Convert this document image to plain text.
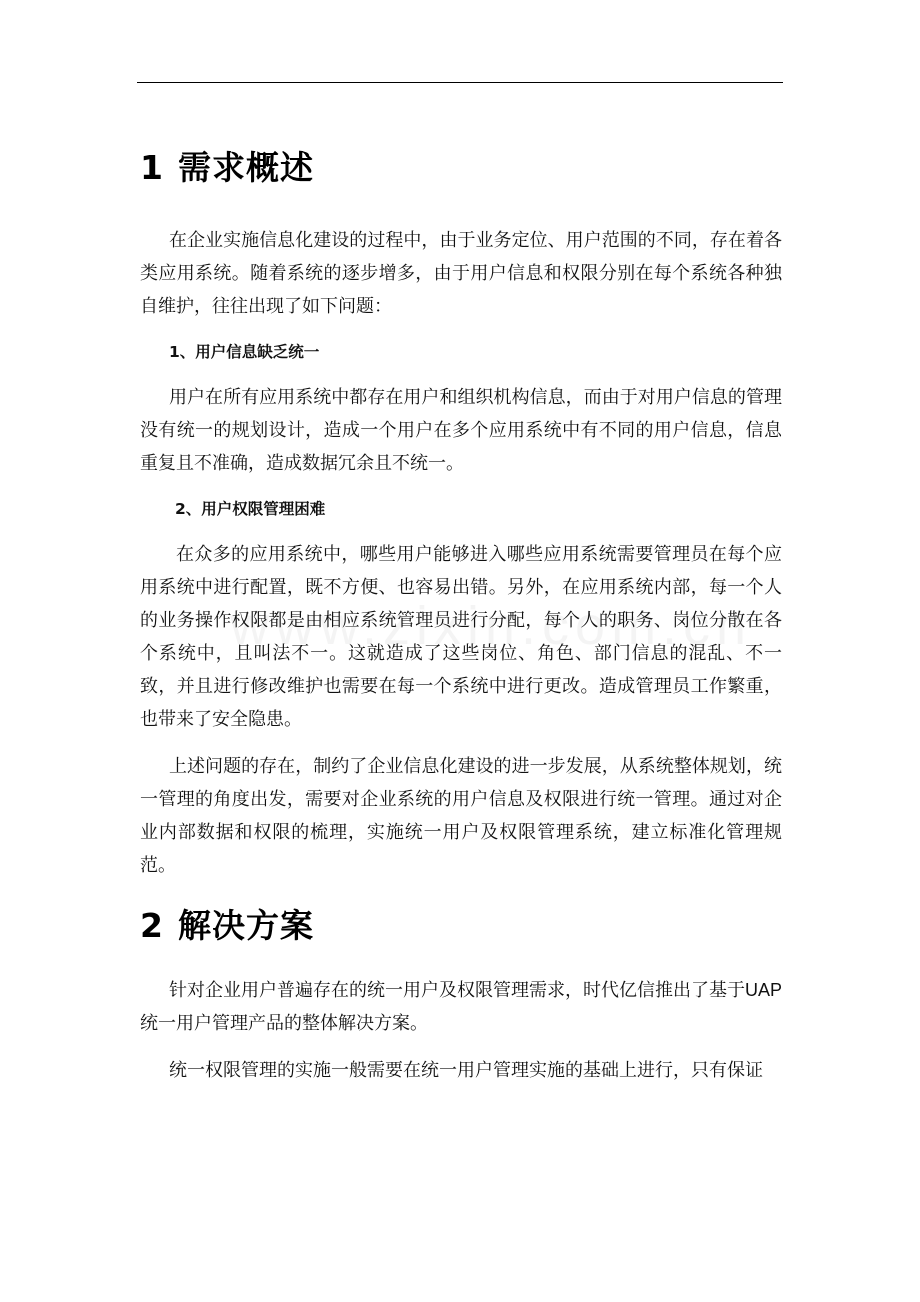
1 需求概述

在企业实施信息化建设的过程中，由于业务定位、用户范围的不同，存在着各类应用系统。随着系统的逐步增多，由于用户信息和权限分别在每个系统各种独自维护，往往出现了如下问题：

1、用户信息缺乏统一

用户在所有应用系统中都存在用户和组织机构信息，而由于对用户信息的管理没有统一的规划设计，造成一个用户在多个应用系统中有不同的用户信息，信息重复且不准确，造成数据冗余且不统一。

2、用户权限管理困难

在众多的应用系统中，哪些用户能够进入哪些应用系统需要管理员在每个应用系统中进行配置，既不方便、也容易出错。另外，在应用系统内部，每一个人的业务操作权限都是由相应系统管理员进行分配，每个人的职务、岗位分散在各个系统中，且叫法不一。这就造成了这些岗位、角色、部门信息的混乱、不一致，并且进行修改维护也需要在每一个系统中进行更改。造成管理员工作繁重，也带来了安全隐患。

上述问题的存在，制约了企业信息化建设的进一步发展，从系统整体规划，统一管理的角度出发，需要对企业系统的用户信息及权限进行统一管理。通过对企业内部数据和权限的梳理，实施统一用户及权限管理系统，建立标准化管理规范。

2 解决方案

针对企业用户普遍存在的统一用户及权限管理需求，时代亿信推出了基于UAP 统一用户管理产品的整体解决方案。

统一权限管理的实施一般需要在统一用户管理实施的基础上进行，只有保证
